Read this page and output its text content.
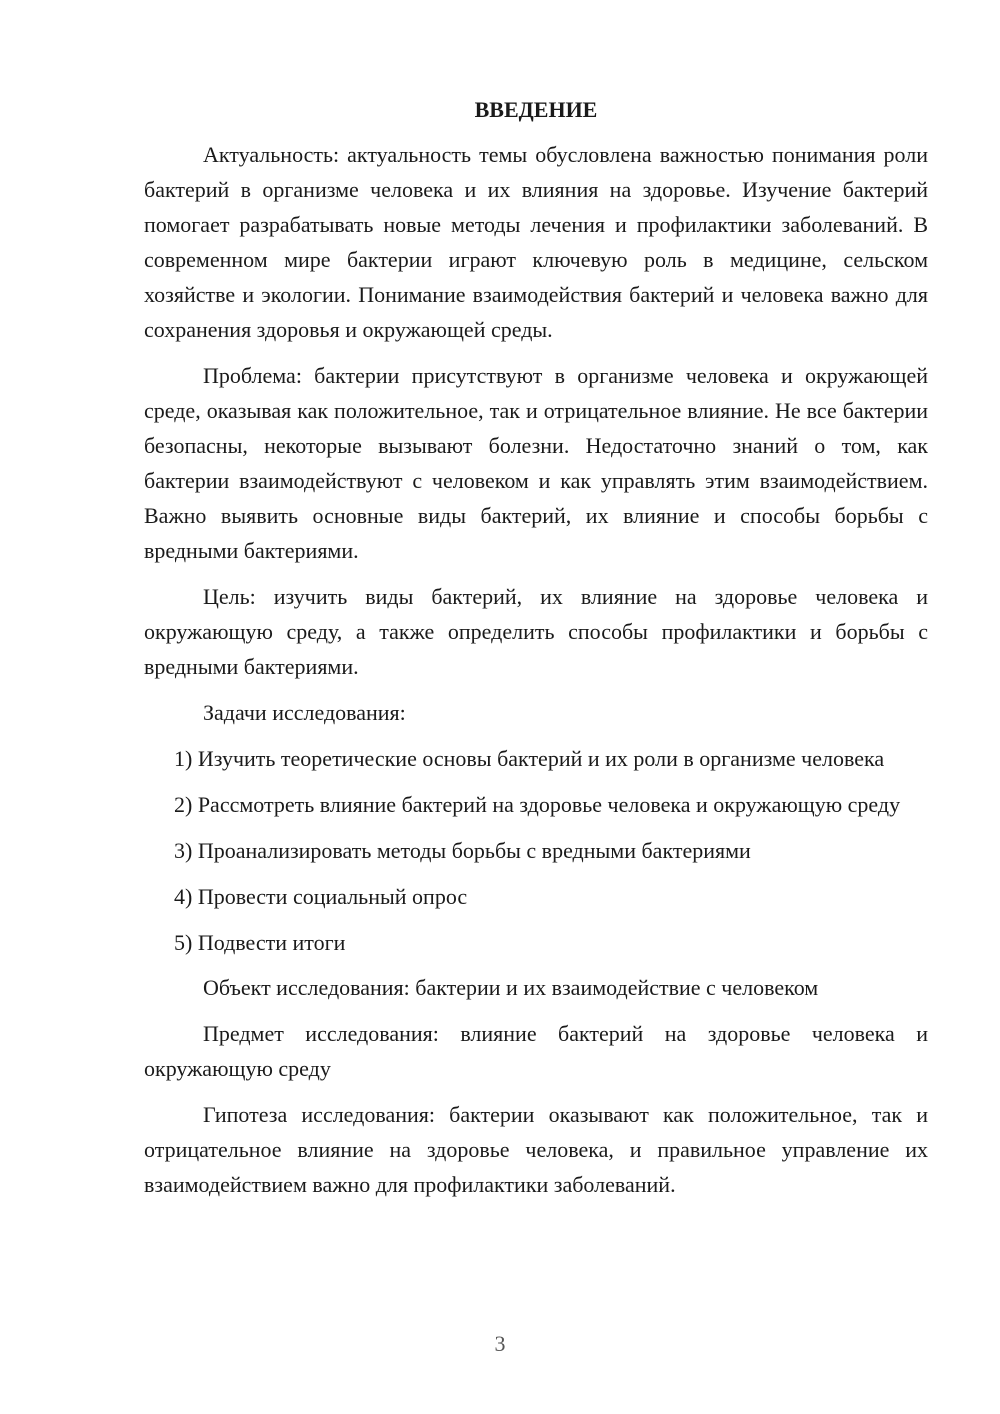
ВВЕДЕНИЕ

Актуальность: актуальность темы обусловлена важностью понимания роли бактерий в организме человека и их влияния на здоровье. Изучение бактерий помогает разрабатывать новые методы лечения и профилактики заболеваний. В современном мире бактерии играют ключевую роль в медицине, сельском хозяйстве и экологии. Понимание взаимодействия бактерий и человека важно для сохранения здоровья и окружающей среды.

Проблема: бактерии присутствуют в организме человека и окружающей среде, оказывая как положительное, так и отрицательное влияние. Не все бактерии безопасны, некоторые вызывают болезни. Недостаточно знаний о том, как бактерии взаимодействуют с человеком и как управлять этим взаимодействием. Важно выявить основные виды бактерий, их влияние и способы борьбы с вредными бактериями.

Цель: изучить виды бактерий, их влияние на здоровье человека и окружающую среду, а также определить способы профилактики и борьбы с вредными бактериями.

Задачи исследования:

1) Изучить теоретические основы бактерий и их роли в организме человека

2) Рассмотреть влияние бактерий на здоровье человека и окружающую среду

3) Проанализировать методы борьбы с вредными бактериями

4) Провести социальный опрос

5) Подвести итоги

Объект исследования: бактерии и их взаимодействие с человеком

Предмет исследования: влияние бактерий на здоровье человека и окружающую среду

Гипотеза исследования: бактерии оказывают как положительное, так и отрицательное влияние на здоровье человека, и правильное управление их взаимодействием важно для профилактики заболеваний.

3
